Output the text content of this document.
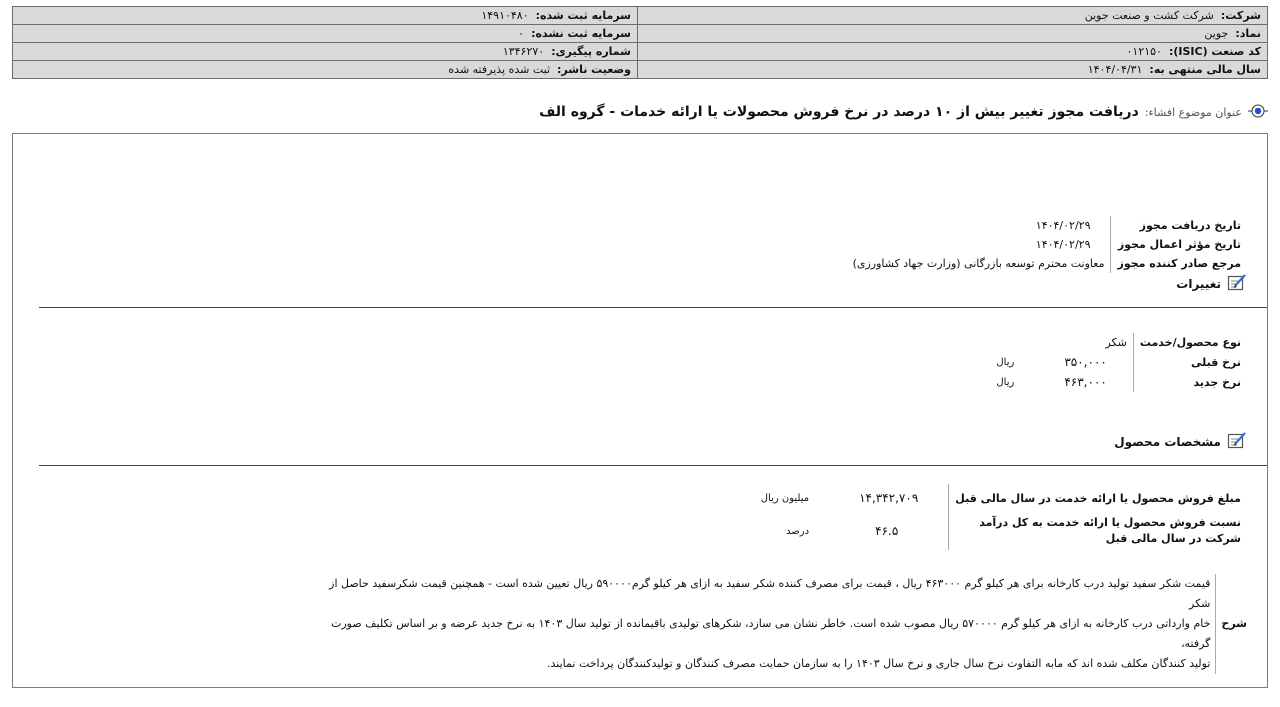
شرکت:  شرکت کشت و صنعت جوین	سرمایه ثبت شده:  ۱۴۹۱۰۴۸۰
نماد:  جوین	سرمایه ثبت نشده:  ۰
کد صنعت (ISIC):  ۰۱۲۱۵۰	شماره پیگیری:  ۱۳۴۶۲۷۰
سال مالی منتهی به:  ۱۴۰۴/۰۴/۳۱	وضعیت ناشر:  ثبت شده پذیرفته شده
عنوان موضوع افشاء:
دریافت مجوز تغییر بیش از ۱۰ درصد در نرخ فروش محصولات یا ارائه خدمات - گروه الف
تاریخ دریافت مجوز	۱۴۰۴/۰۲/۲۹
تاریخ مؤثر اعمال مجوز	۱۴۰۴/۰۲/۲۹
مرجع صادر کننده مجوز	معاونت محترم توسعه بازرگانی (وزارت جهاد کشاورزی)
تغییرات
نوع محصول/خدمت	شکر	
نرخ قبلی	۳۵۰,۰۰۰	ریال
نرخ جدید	۴۶۳,۰۰۰	ریال
مشخصات محصول
مبلغ فروش محصول یا ارائه خدمت در سال مالی قبل	۱۴,۳۴۲,۷۰۹	میلیون ریال

نسبت فروش محصول یا ارائه خدمت به کل درآمد
شرکت در سال مالی قبل	۴۶.۵	درصد
شرح
قیمت شکر سفید تولید درب کارخانه برای هر کیلو گرم ۴۶۳۰۰۰ ریال ، قیمت برای مصرف کننده شکر سفید به ازای هر کیلو گرم۵۹۰۰۰۰ ریال تعیین شده است - همچنین قیمت شکرسفید حاصل از شکر
خام وارداتی درب کارخانه به ازای هر کیلو گرم ۵۷۰۰۰۰ ریال مصوب شده است. خاطر نشان می سازد، شکرهای تولیدی باقیمانده از تولید سال ۱۴۰۳ به نرخ جدید عرضه و بر اساس تکلیف صورت گرفته،
تولید کنندگان مکلف شده اند که مابه التفاوت نرخ سال جاری و نرخ سال ۱۴۰۳ را به سازمان حمایت مصرف کنندگان و تولیدکنندگان پرداخت نمایند.
